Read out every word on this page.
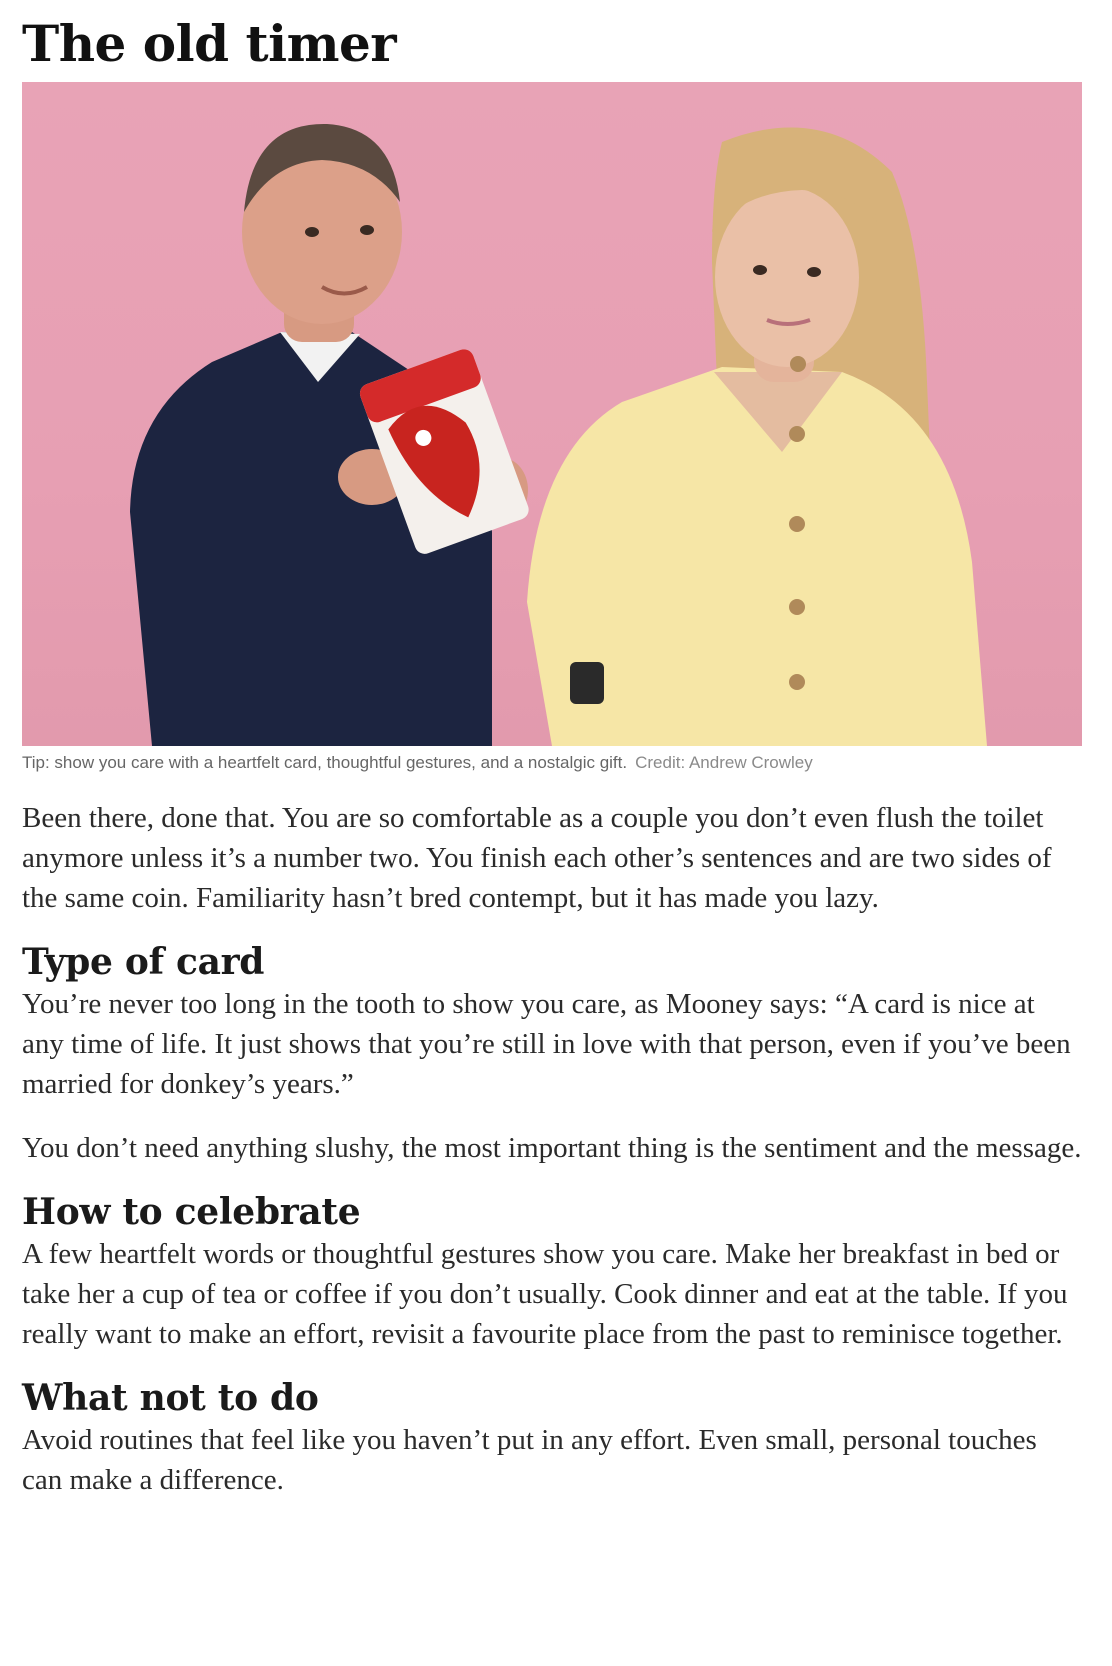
The old timer
Tip: show you care with a heartfelt card, thoughtful gestures, and a nostalgic gift. Credit: Andrew Crowley

Been there, done that. You are so comfortable as a couple you don’t even flush the toilet anymore unless it’s a number two. You finish each other’s sentences and are two sides of the same coin. Familiarity hasn’t bred contempt, but it has made you lazy.

Type of card

You’re never too long in the tooth to show you care, as Mooney says: “A card is nice at any time of life. It just shows that you’re still in love with that person, even if you’ve been married for donkey’s years.”

You don’t need anything slushy, the most important thing is the sentiment and the message.

How to celebrate

A few heartfelt words or thoughtful gestures show you care. Make her breakfast in bed or take her a cup of tea or coffee if you don’t usually. Cook dinner and eat at the table. If you really want to make an effort, revisit a favourite place from the past to reminisce together.

What not to do

Avoid routines that feel like you haven’t put in any effort. Even small, personal touches can make a difference.
